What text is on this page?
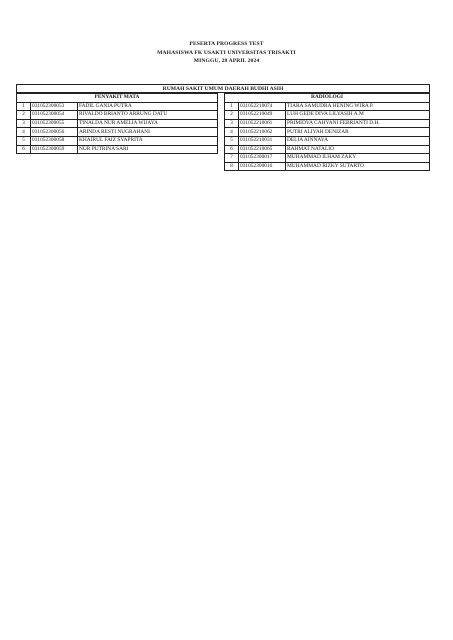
PESERTA PROGRESS TEST
MAHASISWA FK USAKTI UNIVERSITAS TRISAKTI
MINGGU, 28 APRIL 2024
RUMAH SAKIT UMUM DAERAH BUDHI ASIH
PENYAKIT MATA		
1	031052300053	FADIL GANIA PUTRA
2	031052300054	RIVALDO BRIANTO ARRUNG DATU
3	031052300055	TINALDA NUR AMELIA WIJAYA
4	031052300056	ARINDA RESTI NUGRAHANI
5	031052300058	KHAIRUL FAIZ SYAPRITA
6	031052300059	NUR PUTRINA SARI
RADIOLOGI		
1	031052210074	TIARA SAMUDRA HENING WIRA P.
2	031052210049	LUH GEDE DIVA LILYASIH A.M
3	031052210061	PRIMIDYA CAHYANI FEBRIANTI D.H.
4	031052210062	PUTRI ALIYAH DENIZAR
5	031052210031	DELIA AINNAYA
6	031052210065	RAHMAT NATALIO
7	031052300017	MUHAMMAD ILHAM ZAKY
8	031052300016	MUHAMMAD RIZKY SUTARTO
